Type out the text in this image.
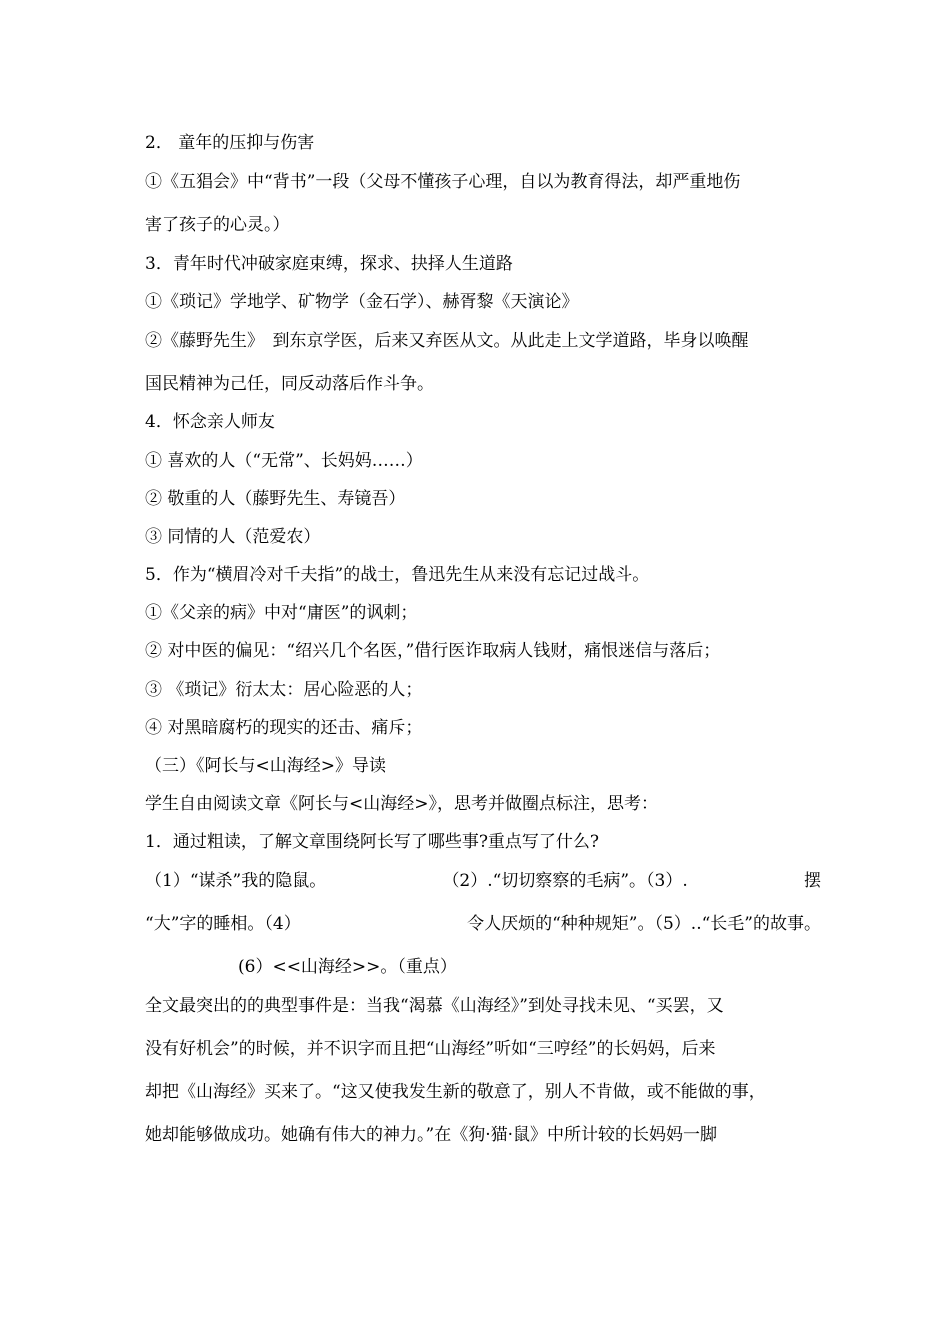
2． 童年的压抑与伤害
①《五猖会》中“背书”一段（父母不懂孩子心理，自以为教育得法，却严重地伤
害了孩子的心灵。）
3．青年时代冲破家庭束缚，探求、抉择人生道路
①《琐记》学地学、矿物学（金石学）、赫胥黎《天演论》
②《藤野先生》　到东京学医，后来又弃医从文。从此走上文学道路，毕身以唤醒
国民精神为己任，同反动落后作斗争。
4．怀念亲人师友
① 喜欢的人（“无常”、长妈妈……）
② 敬重的人（藤野先生、寿镜吾）
③ 同情的人（范爱农）
5．作为“横眉冷对千夫指”的战士，鲁迅先生从来没有忘记过战斗。
①《父亲的病》中对“庸医”的讽刺；
② 对中医的偏见：“绍兴几个名医，”借行医诈取病人钱财，痛恨迷信与落后；
③ 《琐记》衍太太：居心险恶的人；
④ 对黑暗腐朽的现实的还击、痛斥；
（三）《阿长与<山海经>》导读
学生自由阅读文章《阿长与<山海经>》，思考并做圈点标注，思考：
1．通过粗读，了解文章围绕阿长写了哪些事?重点写了什么?
（1）“谋杀”我的隐鼠。	（2）.“切切察察的毛病”。（3）.	摆
“大”字的睡相。（4）	令人厌烦的“种种规矩”。（5）..“长毛”的故事。
(6）<<山海经>>。（重点）
全文最突出的的典型事件是：当我“渴慕《山海经》”到处寻找未见、“买罢，又
没有好机会”的时候，并不识字而且把“山海经”听如“三哼经”的长妈妈，后来
却把《山海经》买来了。“这又使我发生新的敬意了，别人不肯做，或不能做的事，
她却能够做成功。她确有伟大的神力。”在《狗·猫·鼠》中所计较的长妈妈一脚
